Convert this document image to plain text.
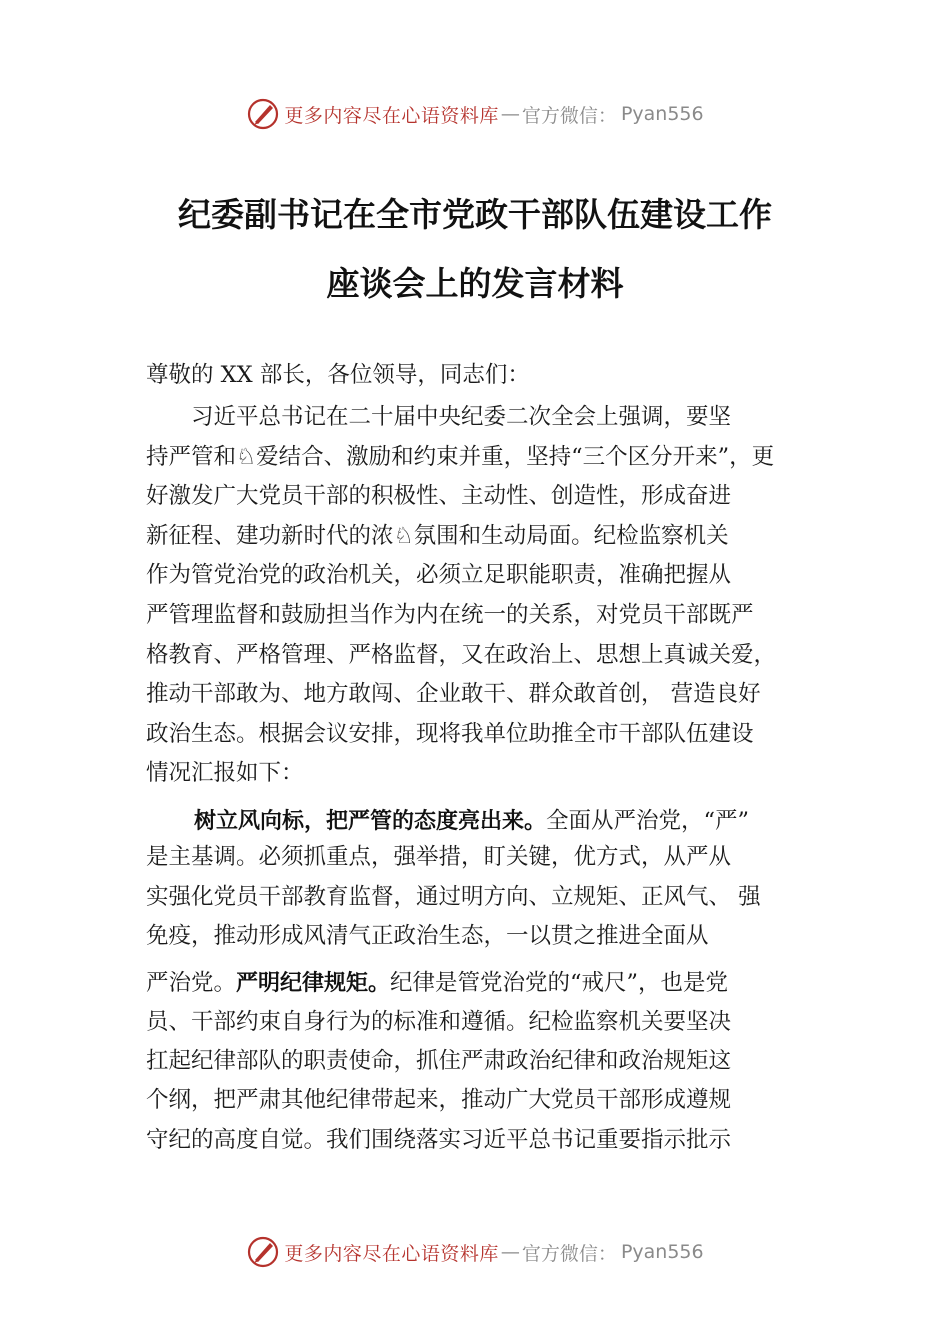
更多内容尽在心语资料库 — 官方微信： Pyan556
纪委副书记在全市党政干部队伍建设工作
座谈会上的发言材料
尊敬的 XX 部长，各位领导，同志们：
　　习近平总书记在二十届中央纪委二次全会上强调，要坚
持严管和♘爱结合、激励和约束并重，坚持“三个区分开来”，更
好激发广大党员干部的积极性、主动性、创造性，形成奋进
新征程、建功新时代的浓♘氛围和生动局面。纪检监察机关
作为管党治党的政治机关，必须立足职能职责，准确把握从
严管理监督和鼓励担当作为内在统一的关系，对党员干部既严
格教育、严格管理、严格监督，又在政治上、思想上真诚关爱，
推动干部敢为、地方敢闯、企业敢干、群众敢首创， 营造良好
政治生态。根据会议安排，现将我单位助推全市干部队伍建设
情况汇报如下：
树立风向标，把严管的态度亮出来。全面从严治党，“严”
是主基调。必须抓重点，强举措，盯关键，优方式，从严从
实强化党员干部教育监督，通过明方向、立规矩、正风气、 强
免疫，推动形成风清气正政治生态，一以贯之推进全面从
严治党。严明纪律规矩。纪律是管党治党的“戒尺”，也是党
员、干部约束自身行为的标准和遵循。纪检监察机关要坚决
扛起纪律部队的职责使命，抓住严肃政治纪律和政治规矩这
个纲，把严肃其他纪律带起来，推动广大党员干部形成遵规
守纪的高度自觉。我们围绕落实习近平总书记重要指示批示
更多内容尽在心语资料库 — 官方微信： Pyan556
